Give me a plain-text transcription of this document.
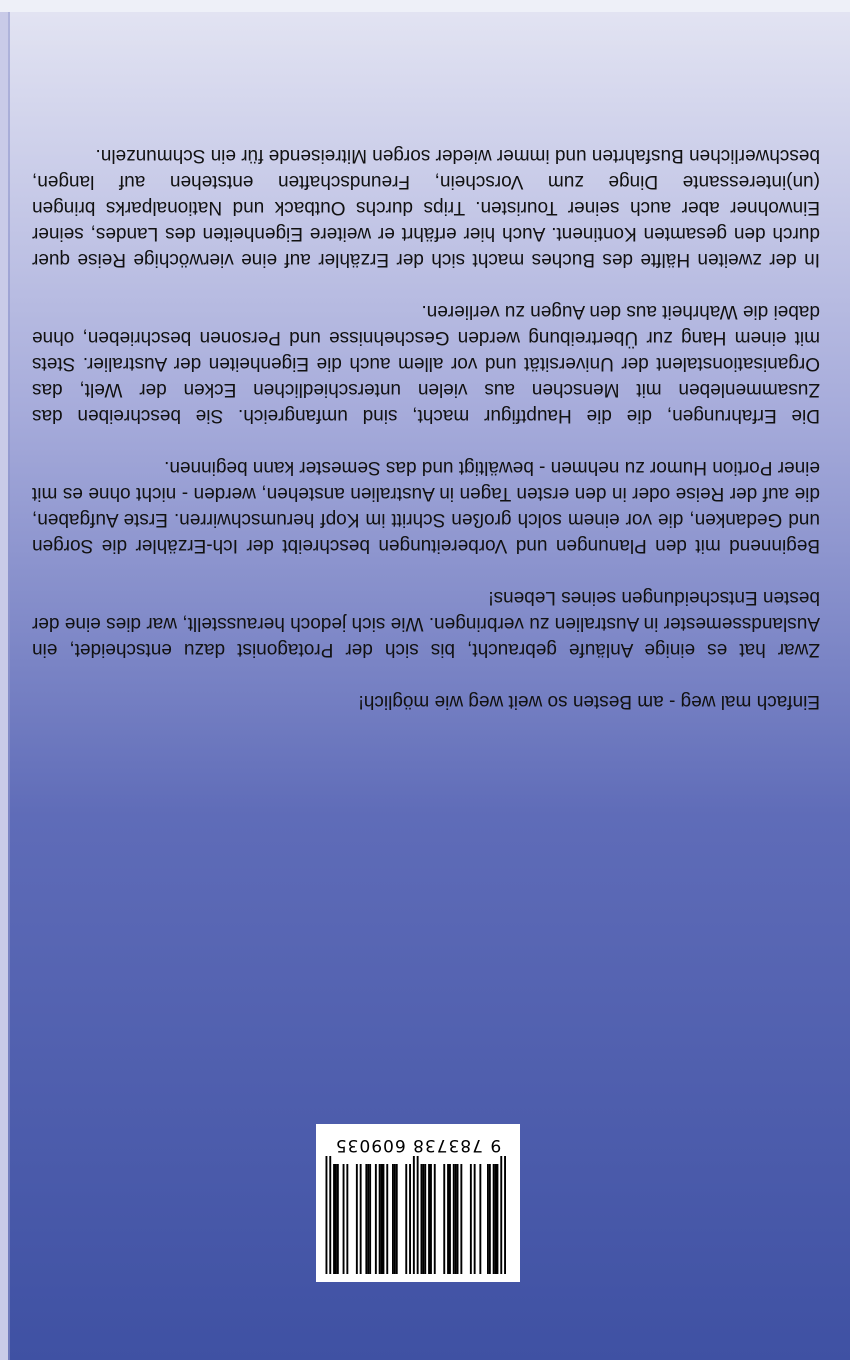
Einfach mal weg - am Besten so weit weg wie möglich!

Zwar hat es einige Anläufe gebraucht, bis sich der Protagonist dazu entscheidet, ein Auslandssemester in Australien zu verbringen. Wie sich jedoch herausstellt, war dies eine der besten Entscheidungen seines Lebens!

Beginnend mit den Planungen und Vorbereitungen beschreibt der Ich-Erzähler die Sorgen und Gedanken, die vor einem solch großen Schritt im Kopf herumschwirren. Erste Aufgaben, die auf der Reise oder in den ersten Tagen in Australien anstehen, werden - nicht ohne es mit einer Portion Humor zu nehmen - bewältigt und das Semester kann beginnen.

Die Erfahrungen, die die Hauptfigur macht, sind umfangreich. Sie beschreiben das Zusammenleben mit Menschen aus vielen unterschiedlichen Ecken der Welt, das Organisationstalent der Universität und vor allem auch die Eigenheiten der Australier. Stets mit einem Hang zur Übertreibung werden Geschehnisse und Personen beschrieben, ohne dabei die Wahrheit aus den Augen zu verlieren.

In der zweiten Hälfte des Buches macht sich der Erzähler auf eine vierwöchige Reise quer durch den gesamten Kontinent. Auch hier erfährt er weitere Eigenheiten des Landes, seiner Einwohner aber auch seiner Touristen. Trips durchs Outback und Nationalparks bringen (un)interessante Dinge zum Vorschein, Freundschaften entstehen auf langen, beschwerlichen Busfahrten und immer wieder sorgen Mitreisende für ein Schmunzeln.

9 783738 609035
